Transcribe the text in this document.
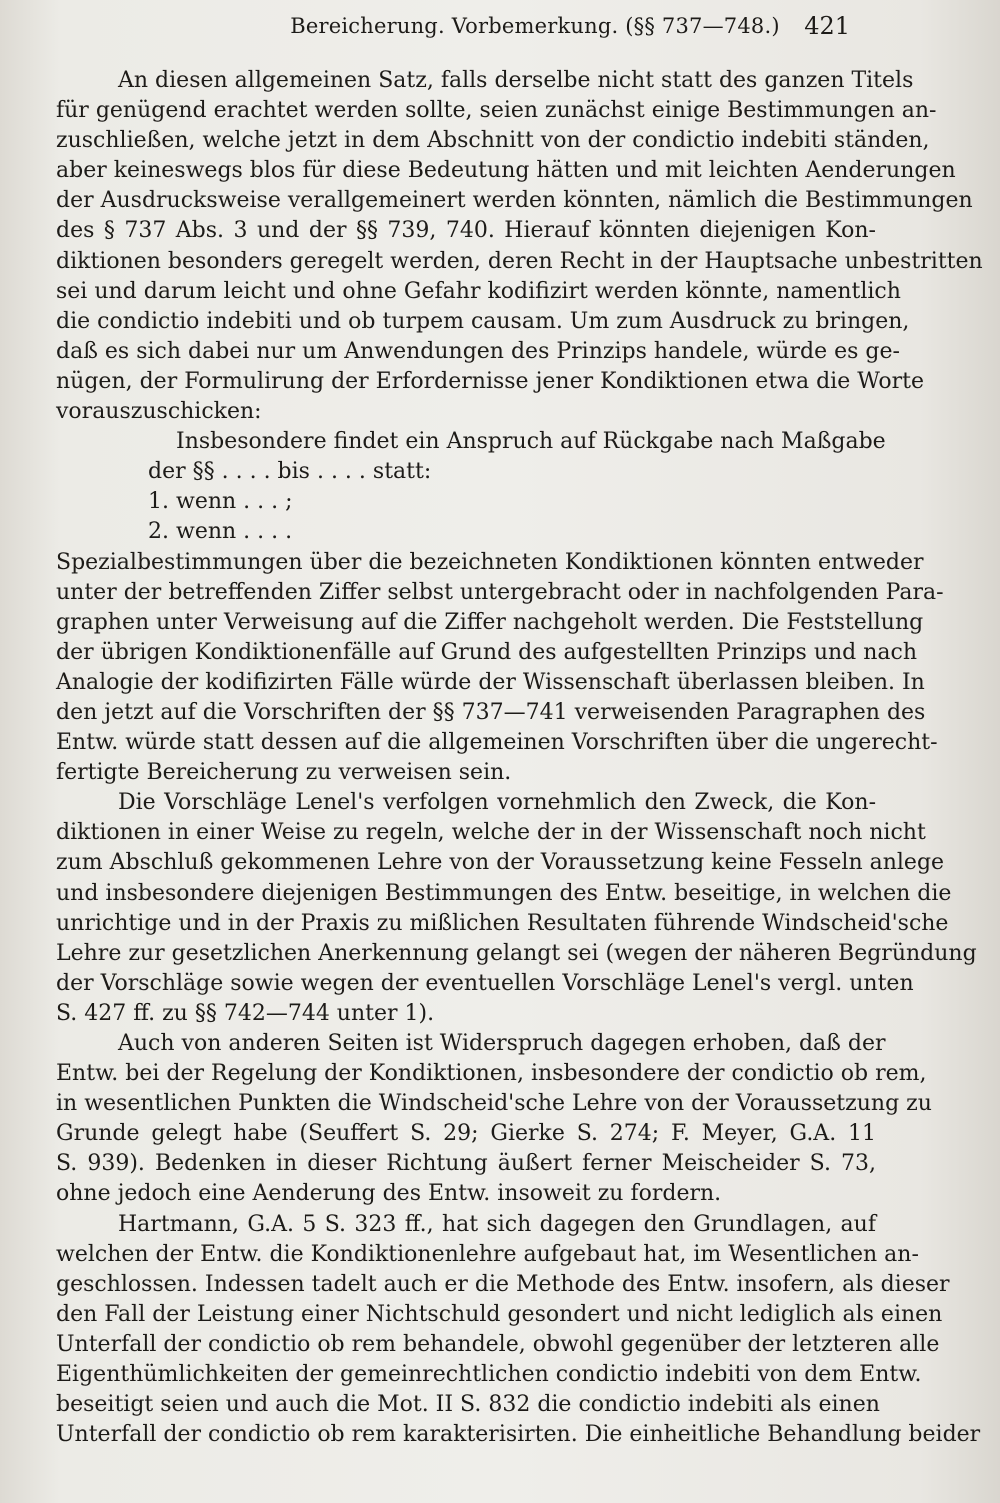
Bereicherung. Vorbemerkung. (§§ 737—748.)	421
An diesen allgemeinen Satz, falls derselbe nicht statt des ganzen Titels
für genügend erachtet werden sollte, seien zunächst einige Bestimmungen an-
zuschließen, welche jetzt in dem Abschnitt von der condictio indebiti ständen,
aber keineswegs blos für diese Bedeutung hätten und mit leichten Aenderungen
der Ausdrucksweise verallgemeinert werden könnten, nämlich die Bestimmungen
des § 737 Abs. 3 und der §§ 739, 740. Hierauf könnten diejenigen Kon-
diktionen besonders geregelt werden, deren Recht in der Hauptsache unbestritten
sei und darum leicht und ohne Gefahr kodifizirt werden könnte, namentlich
die condictio indebiti und ob turpem causam. Um zum Ausdruck zu bringen,
daß es sich dabei nur um Anwendungen des Prinzips handele, würde es ge-
nügen, der Formulirung der Erfordernisse jener Kondiktionen etwa die Worte
vorauszuschicken:
Insbesondere findet ein Anspruch auf Rückgabe nach Maßgabe
der §§ . . . . bis . . . . statt:
1. wenn . . . ;
2. wenn . . . .
Spezialbestimmungen über die bezeichneten Kondiktionen könnten entweder
unter der betreffenden Ziffer selbst untergebracht oder in nachfolgenden Para-
graphen unter Verweisung auf die Ziffer nachgeholt werden. Die Feststellung
der übrigen Kondiktionenfälle auf Grund des aufgestellten Prinzips und nach
Analogie der kodifizirten Fälle würde der Wissenschaft überlassen bleiben. In
den jetzt auf die Vorschriften der §§ 737—741 verweisenden Paragraphen des
Entw. würde statt dessen auf die allgemeinen Vorschriften über die ungerecht-
fertigte Bereicherung zu verweisen sein.
Die Vorschläge Lenel's verfolgen vornehmlich den Zweck, die Kon-
diktionen in einer Weise zu regeln, welche der in der Wissenschaft noch nicht
zum Abschluß gekommenen Lehre von der Voraussetzung keine Fesseln anlege
und insbesondere diejenigen Bestimmungen des Entw. beseitige, in welchen die
unrichtige und in der Praxis zu mißlichen Resultaten führende Windscheid'sche
Lehre zur gesetzlichen Anerkennung gelangt sei (wegen der näheren Begründung
der Vorschläge sowie wegen der eventuellen Vorschläge Lenel's vergl. unten
S. 427 ff. zu §§ 742—744 unter 1).
Auch von anderen Seiten ist Widerspruch dagegen erhoben, daß der
Entw. bei der Regelung der Kondiktionen, insbesondere der condictio ob rem,
in wesentlichen Punkten die Windscheid'sche Lehre von der Voraussetzung zu
Grunde gelegt habe (Seuffert S. 29; Gierke S. 274; F. Meyer, G.A. 11
S. 939). Bedenken in dieser Richtung äußert ferner Meischeider S. 73,
ohne jedoch eine Aenderung des Entw. insoweit zu fordern.
Hartmann, G.A. 5 S. 323 ff., hat sich dagegen den Grundlagen, auf
welchen der Entw. die Kondiktionenlehre aufgebaut hat, im Wesentlichen an-
geschlossen. Indessen tadelt auch er die Methode des Entw. insofern, als dieser
den Fall der Leistung einer Nichtschuld gesondert und nicht lediglich als einen
Unterfall der condictio ob rem behandele, obwohl gegenüber der letzteren alle
Eigenthümlichkeiten der gemeinrechtlichen condictio indebiti von dem Entw.
beseitigt seien und auch die Mot. II S. 832 die condictio indebiti als einen
Unterfall der condictio ob rem karakterisirten. Die einheitliche Behandlung beider
